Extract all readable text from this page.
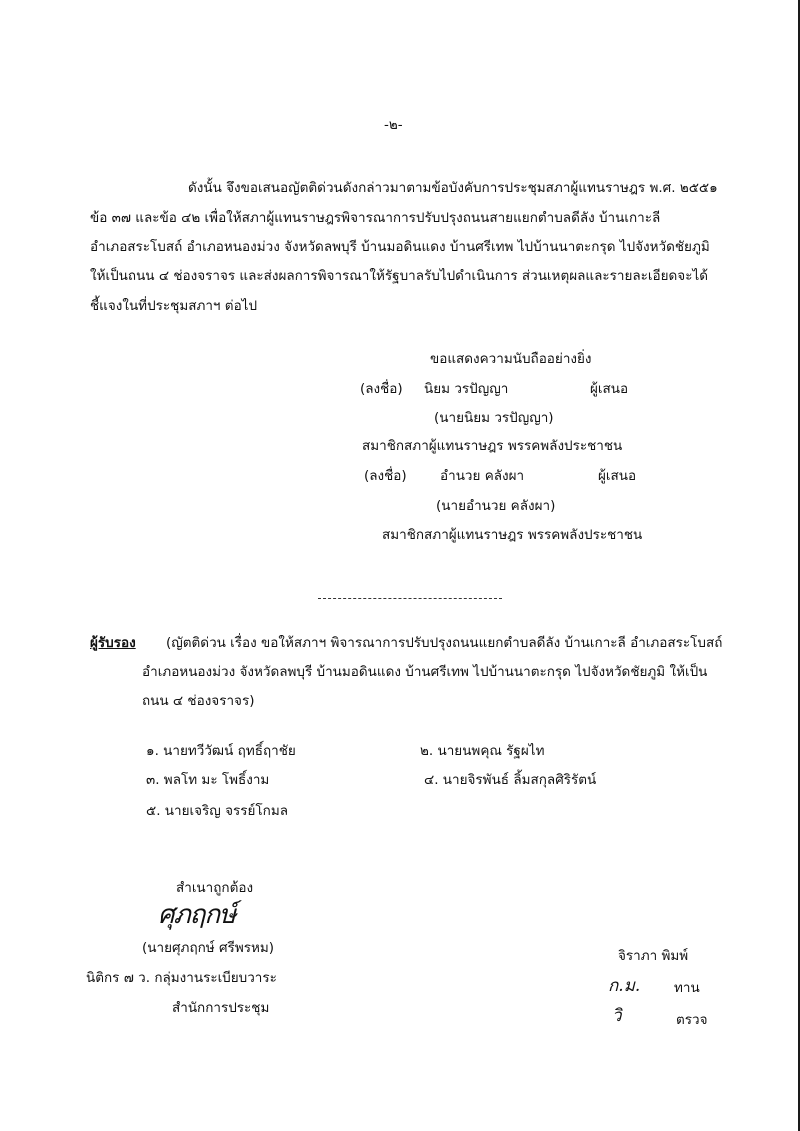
-๒-
ดังนั้น จึงขอเสนอญัตติด่วนดังกล่าวมาตามข้อบังคับการประชุมสภาผู้แทนราษฎร พ.ศ. ๒๕๕๑
ข้อ ๓๗ และข้อ ๔๒ เพื่อให้สภาผู้แทนราษฎรพิจารณาการปรับปรุงถนนสายแยกตำบลดีลัง บ้านเกาะลี
อำเภอสระโบสถ์ อำเภอหนองม่วง จังหวัดลพบุรี บ้านมอดินแดง บ้านศรีเทพ ไปบ้านนาตะกรุด ไปจังหวัดชัยภูมิ
ให้เป็นถนน ๔ ช่องจราจร และส่งผลการพิจารณาให้รัฐบาลรับไปดำเนินการ ส่วนเหตุผลและรายละเอียดจะได้
ชี้แจงในที่ประชุมสภาฯ ต่อไป
ขอแสดงความนับถืออย่างยิ่ง
(ลงชื่อ) นิยม วรปัญญา	ผู้เสนอ
(นายนิยม วรปัญญา)
สมาชิกสภาผู้แทนราษฎร พรรคพลังประชาชน
(ลงชื่อ) อำนวย คลังผา	ผู้เสนอ
(นายอำนวย คลังผา)
สมาชิกสภาผู้แทนราษฎร พรรคพลังประชาชน
ผู้รับรอง (ญัตติด่วน เรื่อง ขอให้สภาฯ พิจารณาการปรับปรุงถนนแยกตำบลดีลัง บ้านเกาะลี อำเภอสระโบสถ์
อำเภอหนองม่วง จังหวัดลพบุรี บ้านมอดินแดง บ้านศรีเทพ ไปบ้านนาตะกรุด ไปจังหวัดชัยภูมิ ให้เป็น
ถนน ๔ ช่องจราจร)
๑. นายทวีวัฒน์ ฤทธิ์ฤาชัย	๒. นายนพคุณ รัฐผไท
๓. พลโท มะ โพธิ์งาม	๔. นายจิรพันธ์ ลิ้มสกุลศิริรัตน์
๕. นายเจริญ จรรย์โกมล
สำเนาถูกต้อง
ศุภฤกษ์
(นายศุภฤกษ์ ศรีพรหม)
นิติกร ๗ ว. กลุ่มงานระเบียบวาระ
สำนักการประชุม
จิราภา พิมพ์
ก.ม. ทาน
วิ	ตรวจ
